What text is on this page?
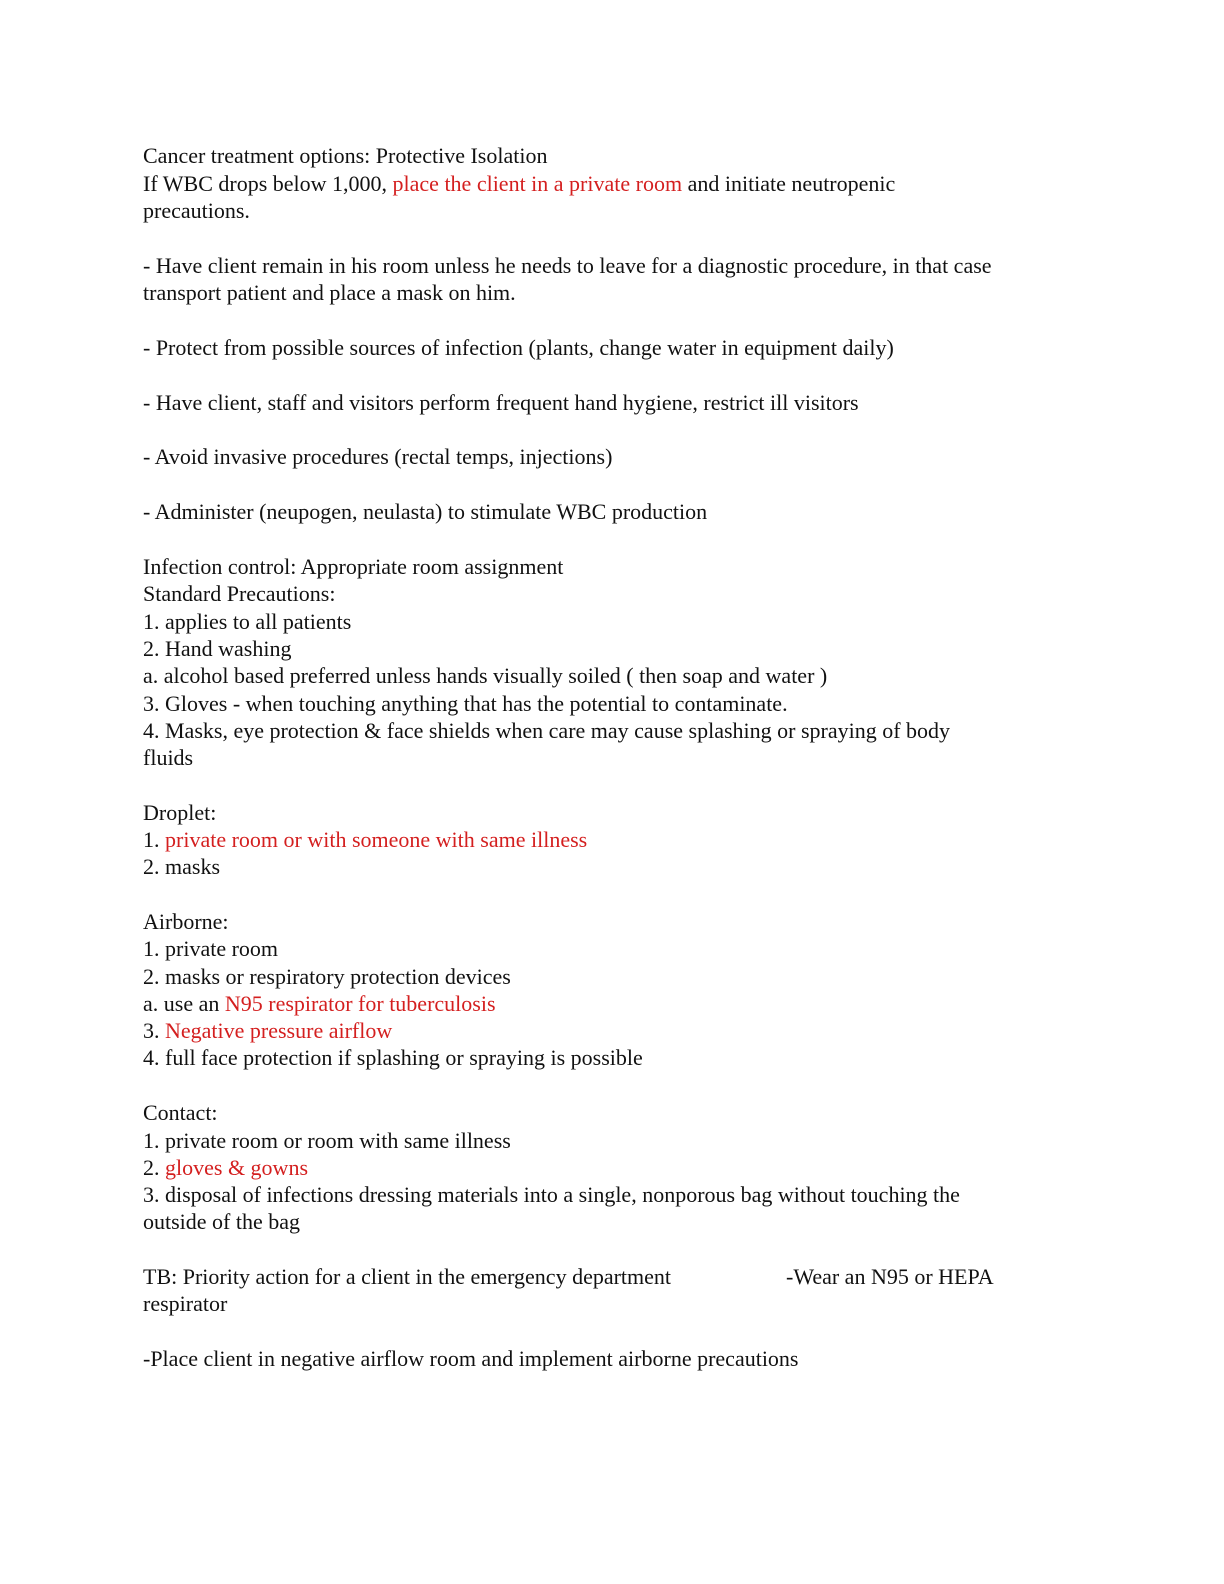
Cancer treatment options: Protective Isolation
If WBC drops below 1,000, place the client in a private room and initiate neutropenic
precautions.
- Have client remain in his room unless he needs to leave for a diagnostic procedure, in that case
transport patient and place a mask on him.
- Protect from possible sources of infection (plants, change water in equipment daily)
- Have client, staff and visitors perform frequent hand hygiene, restrict ill visitors
- Avoid invasive procedures (rectal temps, injections)
- Administer (neupogen, neulasta) to stimulate WBC production
Infection control: Appropriate room assignment
Standard Precautions:
1. applies to all patients
2. Hand washing
a. alcohol based preferred unless hands visually soiled ( then soap and water )
3. Gloves - when touching anything that has the potential to contaminate.
4. Masks, eye protection & face shields when care may cause splashing or spraying of body
fluids
Droplet:
1. private room or with someone with same illness
2. masks
Airborne:
1. private room
2. masks or respiratory protection devices
a. use an N95 respirator for tuberculosis
3. Negative pressure airflow
4. full face protection if splashing or spraying is possible
Contact:
1. private room or room with same illness
2. gloves & gowns
3. disposal of infections dressing materials into a single, nonporous bag without touching the
outside of the bag
TB: Priority action for a client in the emergency department	-Wear an N95 or HEPA
respirator
-Place client in negative airflow room and implement airborne precautions
